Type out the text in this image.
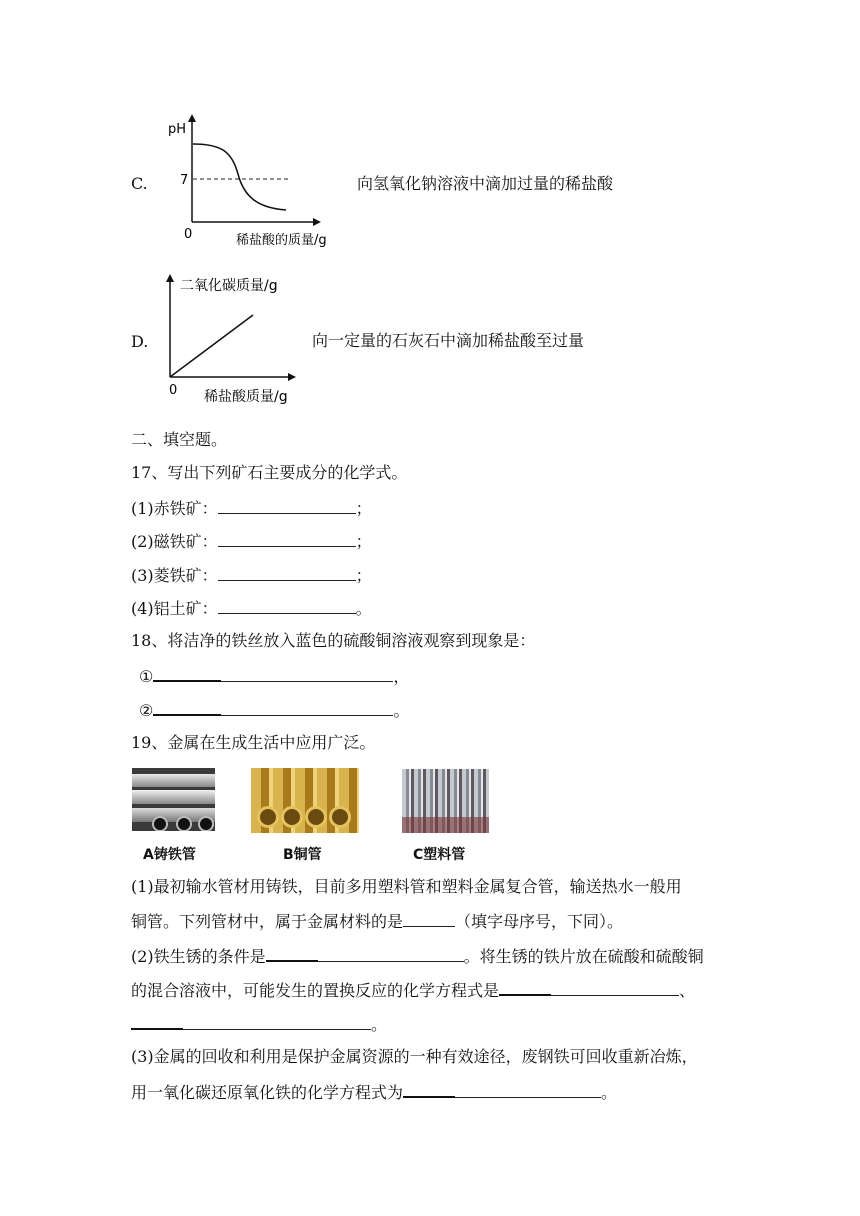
C.
pH
7
0	稀盐酸的质量/g
向氢氧化钠溶液中滴加过量的稀盐酸
D.
二氧化碳质量/g
0 稀盐酸质量/g
向一定量的石灰石中滴加稀盐酸至过量
二、填空题。
17、写出下列矿石主要成分的化学式。
(1)赤铁矿：	；
(2)磁铁矿：	；
(3)菱铁矿：	；
(4)铝土矿：	。
18、将洁净的铁丝放入蓝色的硫酸铜溶液观察到现象是：
①	，
②	。
19、金属在生成生活中应用广泛。
A铸铁管	B铜管	C塑料管
(1)最初输水管材用铸铁，目前多用塑料管和塑料金属复合管，输送热水一般用
铜管。下列管材中，属于金属材料的是	（填字母序号，下同）。
(2)铁生锈的条件是	。将生锈的铁片放在硫酸和硫酸铜
的混合溶液中，可能发生的置换反应的化学方程式是	、
。
(3)金属的回收和利用是保护金属资源的一种有效途径，废钢铁可回收重新冶炼，
用一氧化碳还原氧化铁的化学方程式为	。
